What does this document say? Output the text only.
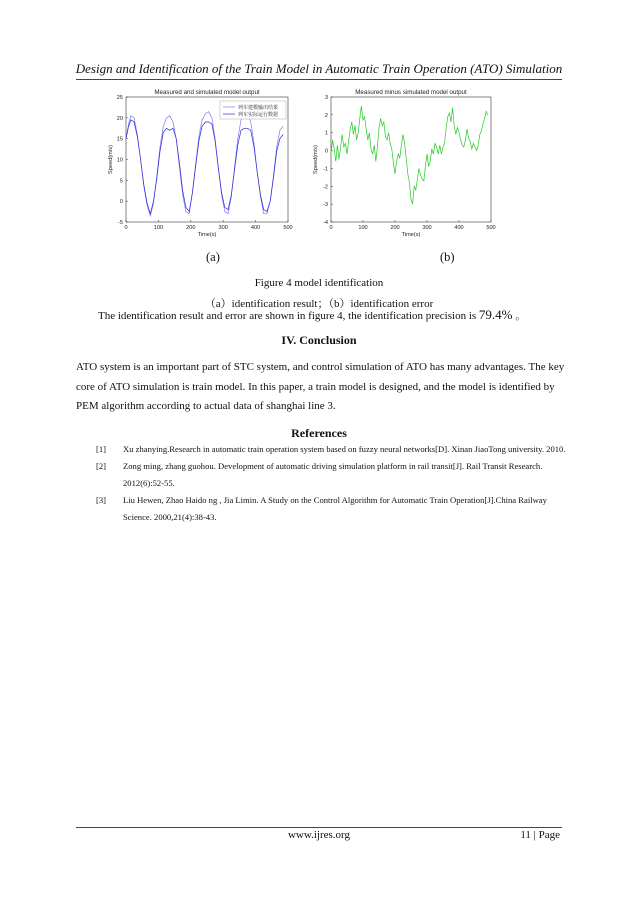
Design and Identification of the Train Model in Automatic Train Operation (ATO) Simulation
Measured and simulated model output
0	100	200	300	400	500
-5
0
5
10
15
20
25
Time(s)
Speed(m/s)
列车建模输出结果
列车实际运行数据
Measured minus simulated model output
0	100	200	300	400	500
-4
-3
-2
-1
0
1
2
3
Time(s)
Speed(m/s)
(a)	(b)
Figure 4 model identification
（a）identification result；（b）identification error
The identification result and error are shown in figure 4, the identification precision is 79.4% 。
IV. Conclusion
ATO system is an important part of STC system, and control simulation of ATO has many advantages. The key
core of ATO simulation is train model. In this paper, a train model is designed, and the model is identified by
PEM algorithm according to actual data of shanghai line 3.
References
[1] Xu zhanying.Research in automatic train operation system based on fuzzy neural networks[D]. Xinan JiaoTong university. 2010.
[2] Zong ming, zhang guohou. Development of automatic driving simulation platform in rail transit[J]. Rail Transit Research.
2012(6):52-55.
[3] Liu Hewen, Zhao Haido ng , Jia Limin. A Study on the Control Algorithm for Automatic Train Operation[J].China Railway
Science. 2000,21(4):38-43.
www.ijres.org	11 | Page
